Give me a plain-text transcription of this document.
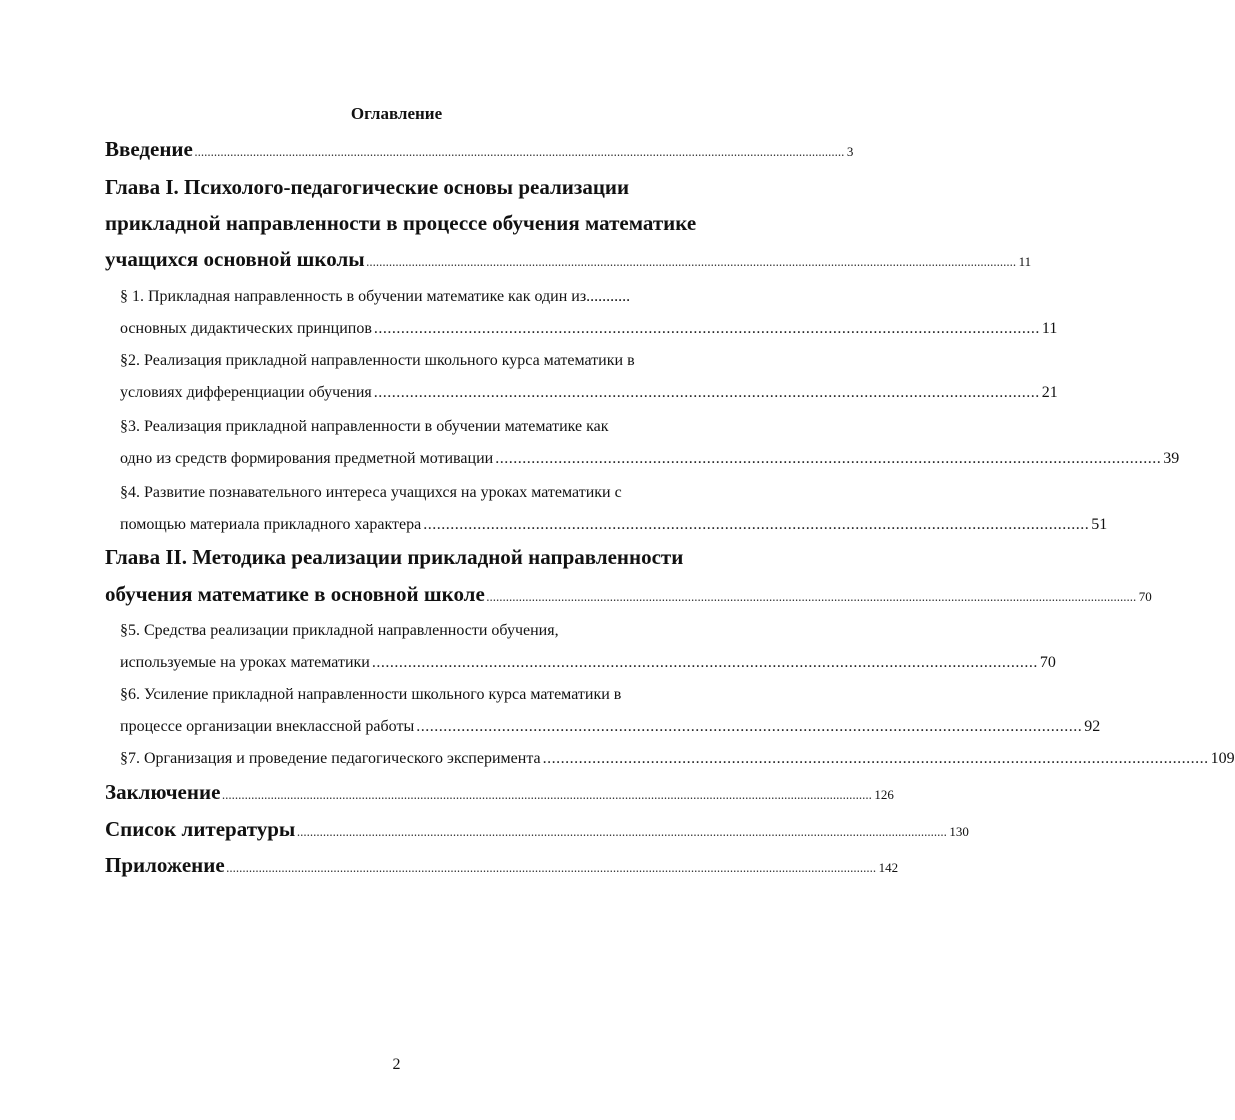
Оглавление
Введение ........................................................................................................................................................................................................ 3
Глава I. Психолого-педагогические основы реализации
прикладной направленности в процессе обучения математике
учащихся основной школы ........................................................................................................................................................................................................ 11
§ 1. Прикладная направленность в обучении математике как один из ...........
основных дидактических принципов .................................................................................................................................................... 11
§2. Реализация прикладной направленности школьного курса математики в
условиях дифференциации обучения .................................................................................................................................................... 21
§3. Реализация прикладной направленности в обучении математике как
одно из средств формирования предметной мотивации .................................................................................................................................................... 39
§4. Развитие познавательного интереса учащихся на уроках математики с
помощью материала прикладного характера .................................................................................................................................................... 51
Глава II. Методика реализации прикладной направленности
обучения математике в основной школе ........................................................................................................................................................................................................ 70
§5. Средства реализации прикладной направленности обучения,
используемые на уроках математики .................................................................................................................................................... 70
§6. Усиление прикладной направленности школьного курса математики в
процессе организации внеклассной работы .................................................................................................................................................... 92
§7. Организация и проведение педагогического эксперимента .................................................................................................................................................... 109
Заключение ........................................................................................................................................................................................................ 126
Список литературы ........................................................................................................................................................................................................ 130
Приложение ........................................................................................................................................................................................................ 142
2
